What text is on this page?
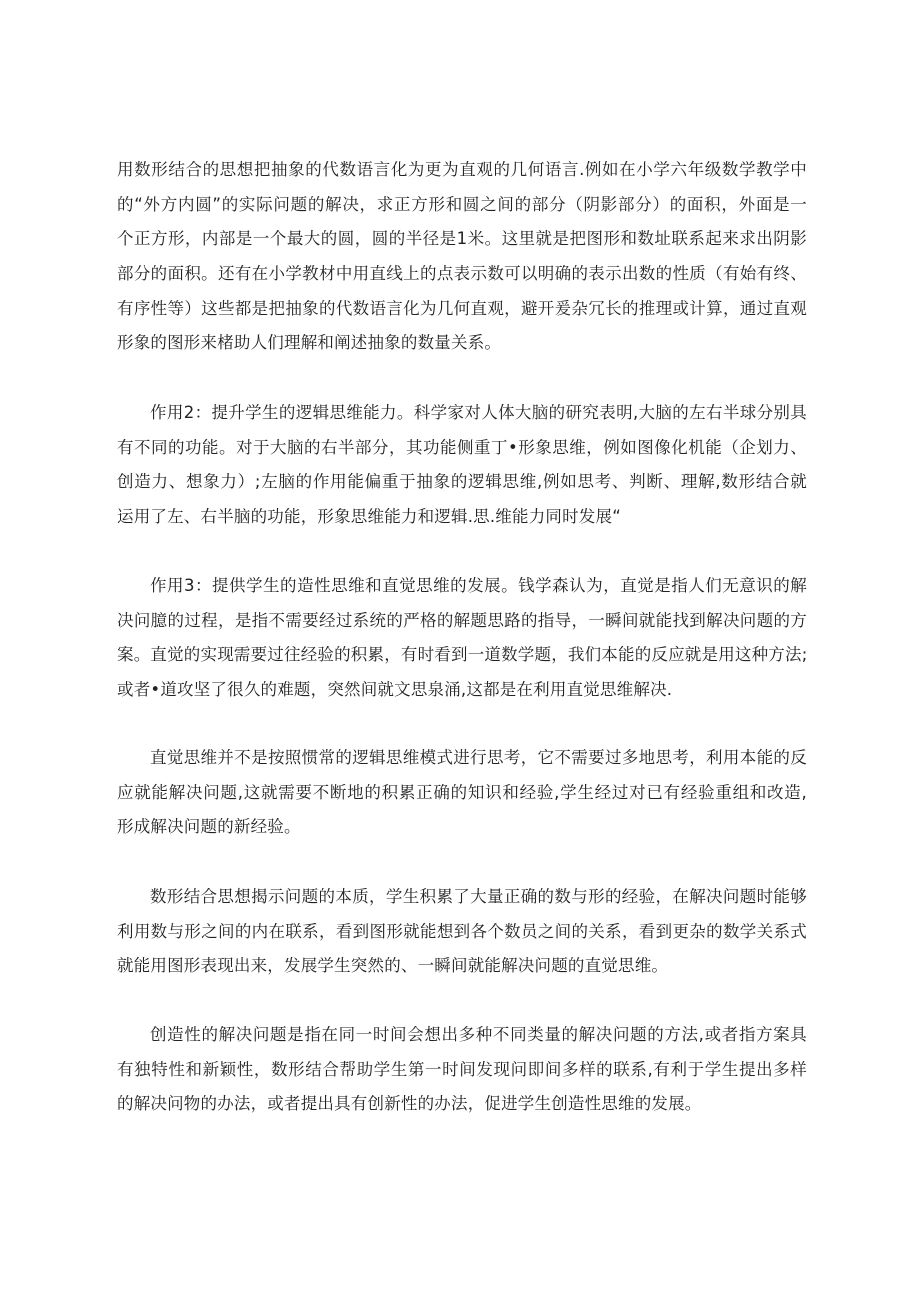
用数形结合的思想把抽象的代数语言化为更为直观的几何语言.例如在小学六年级数学教学中
的“外方内圆”的实际问题的解决，求正方形和圆之间的部分（阴影部分）的面积，外面是一
个正方形，内部是一个最大的圆，圆的半径是1米。这里就是把图形和数址联系起来求出阴影
部分的面积。还有在小学教材中用直线上的点表示数可以明确的表示出数的性质（有始有终、
有序性等）这些都是把抽象的代数语言化为几何直观，避开爰杂冗长的推理或计算，通过直观
形象的图形来楮助人们理解和阐述抽象的数量关系。
作用2：提升学生的逻辑思维能力。科学家对人体大脑的研究表明,大脑的左右半球分别具
有不同的功能。对于大脑的右半部分，其功能侧重丁•形象思维，例如图像化机能（企划力、
创造力、想象力）;左脑的作用能偏重于抽象的逻辑思维,例如思考、判断、理解,数形结合就
运用了左、右半脑的功能，形象思维能力和逻辑.思.维能力同时发展“
作用3：提供学生的造性思维和直觉思维的发展。钱学森认为，直觉是指人们无意识的解
决问臆的过程，是指不需要经过系统的严格的解题思路的指导，一瞬间就能找到解决问题的方
案。直觉的实现需要过往经验的积累，有时看到一道数学题，我们本能的反应就是用这种方法;
或者•道攻坚了很久的难题，突然间就文思泉涌,这都是在利用直觉思维解决.
直觉思维并不是按照惯常的逻辑思维模式进行思考，它不需要过多地思考，利用本能的反
应就能解决问题,这就需要不断地的积累正确的知识和经验,学生经过对已有经验重组和改造,
形成解决问题的新经验。
数形结合思想揭示问题的本质，学生积累了大量正确的数与形的经验，在解决问题时能够
利用数与形之间的内在联系，看到图形就能想到各个数员之间的关系，看到更杂的数学关系式
就能用图形表现出来，发展学生突然的、一瞬间就能解决问题的直觉思维。
创造性的解决问题是指在同一时间会想出多种不同类量的解决问题的方法,或者指方案具
有独特性和新颖性，数形结合帮助学生第一时间发现问即间多样的联系,有利于学生提出多样
的解决问物的办法，或者提出具有创新性的办法，促进学生创造性思维的发展。
